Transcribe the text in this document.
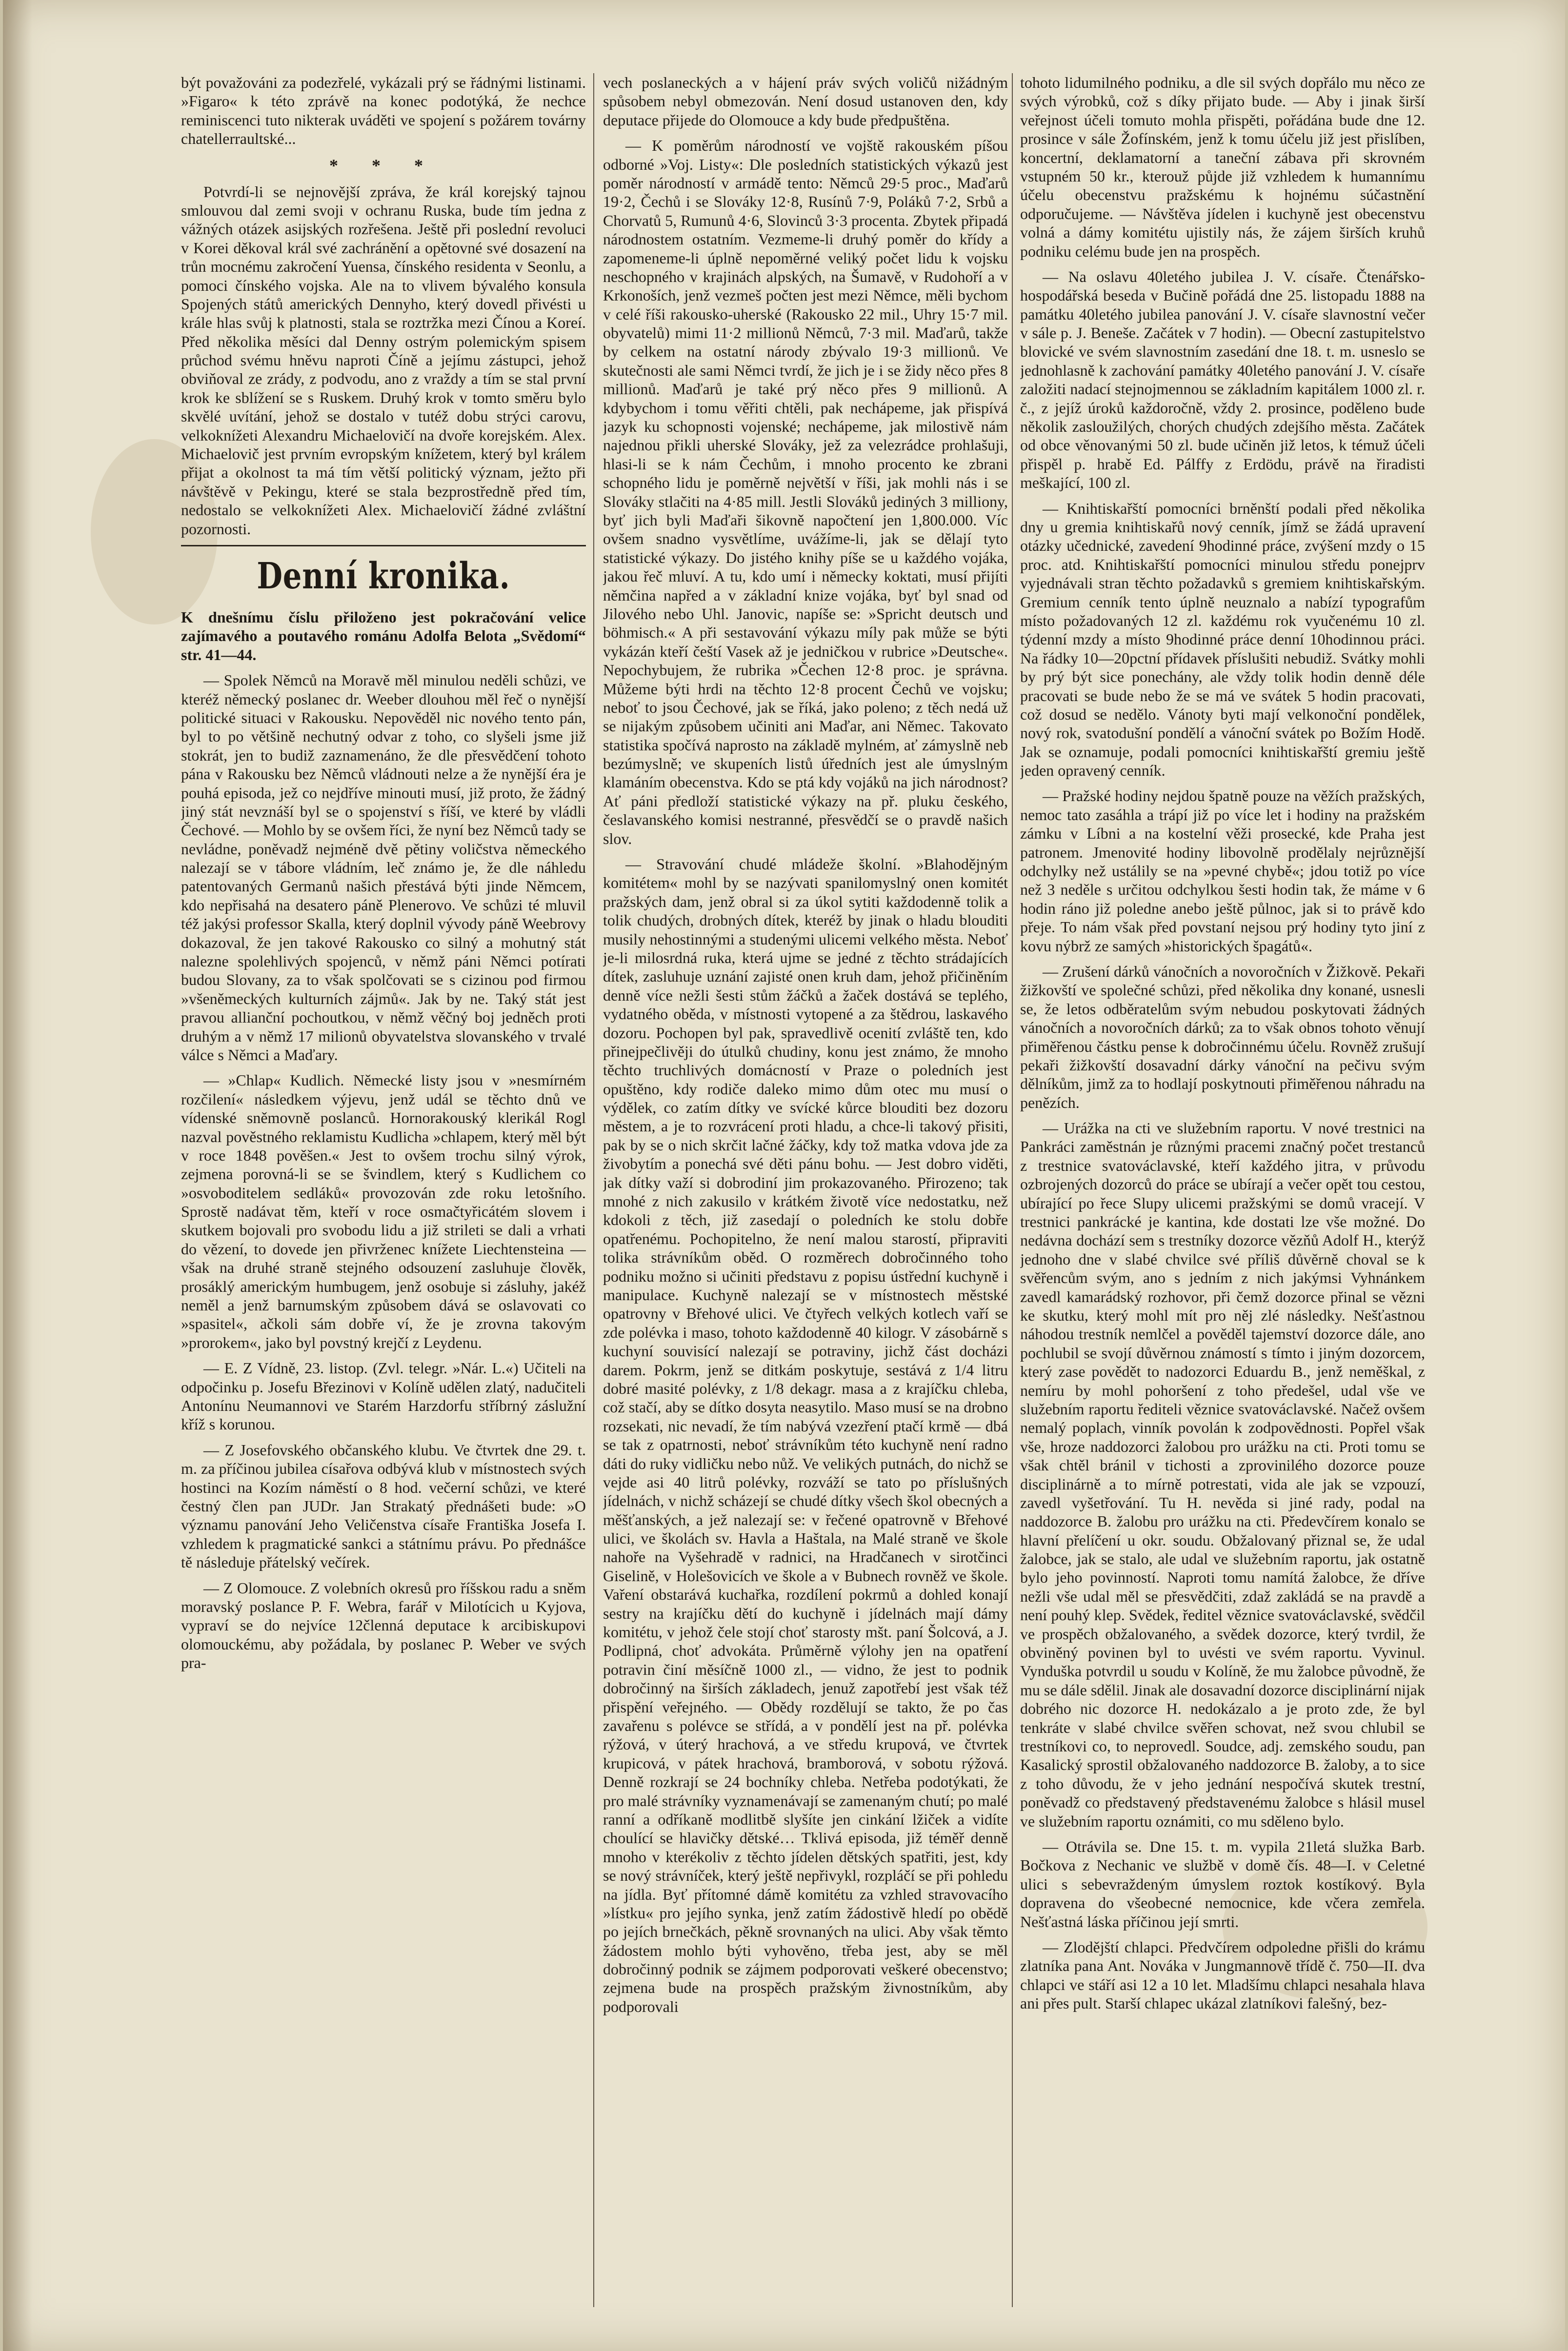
být považováni za podezřelé, vykázali prý se řádnými listinami. »Figaro« k této zprávě na konec podotýká, že nechce reminiscenci tuto nikterak uváděti ve spojení s požárem továrny chatellerraultské...

* * *

Potvrdí-li se nejnovější zpráva, že král korejský tajnou smlouvou dal zemi svoji v ochranu Ruska, bude tím jedna z vážných otázek asijských rozřešena. Ještě při poslední revoluci v Korei děkoval král své zachránění a opětovné své dosazení na trůn mocnému zakročení Yuensa, čínského residenta v Seonlu, a pomoci čínského vojska. Ale na to vlivem bývalého konsula Spojených států amerických Dennyho, který dovedl přivésti u krále hlas svůj k platnosti, stala se roztržka mezi Čínou a Koreí. Před několika měsíci dal Denny ostrým polemickým spisem průchod svému hněvu naproti Číně a jejímu zástupci, jehož obviňoval ze zrády, z podvodu, ano z vraždy a tím se stal první krok ke sblížení se s Ruskem. Druhý krok v tomto směru bylo skvělé uvítání, jehož se dostalo v tutéž dobu strýci carovu, velkoknížeti Alexandru Michaelovičí na dvoře korejském. Alex. Michaelovič jest prvním evropským knížetem, který byl králem přijat a okolnost ta má tím větší politický význam, ježto při návštěvě v Pekingu, které se stala bezprostředně před tím, nedostalo se velkoknížeti Alex. Michaelovičí žádné zvláštní pozornosti.

Denní kronika.

K dnešnímu číslu přiloženo jest pokračování velice zajímavého a poutavého románu Adolfa Belota „Svědomí“ str. 41—44.

— Spolek Němců na Moravě měl minulou neděli schůzi, ve kteréž německý poslanec dr. Weeber dlouhou měl řeč o nynější politické situaci v Rakousku. Nepověděl nic nového tento pán, byl to po většině nechutný odvar z toho, co slyšeli jsme již stokrát, jen to budiž zaznamenáno, že dle přesvědčení tohoto pána v Rakousku bez Němců vládnouti nelze a že nynější éra je pouhá episoda, jež co nejdříve minouti musí, již proto, že žádný jiný stát nevznáší byl se o spojenství s říší, ve které by vládli Čechové. — Mohlo by se ovšem říci, že nyní bez Němců tady se nevládne, poněvadž nejméně dvě pětiny voličstva německého nalezají se v tábore vládním, leč známo je, že dle náhledu patentovaných Germanů našich přestává býti jinde Němcem, kdo nepřisahá na desatero páně Plenerovo. Ve schůzi té mluvil též jakýsi professor Skalla, který doplnil vývody páně Weebrovy dokazoval, že jen takové Rakousko co silný a mohutný stát nalezne spolehlivých spojenců, v němž páni Němci potírati budou Slovany, za to však spolčovati se s cizinou pod firmou »všeněmeckých kulturních zájmů«. Jak by ne. Taký stát jest pravou allianční pochoutkou, v němž věčný boj jedněch proti druhým a v němž 17 milionů obyvatelstva slovanského v trvalé válce s Němci a Maďary.

— »Chlap« Kudlich. Německé listy jsou v »nesmírném rozčilení« následkem výjevu, jenž udál se těchto dnů ve vídenské sněmovně poslanců. Hornorakouský klerikál Rogl nazval pověstného reklamistu Kudlicha »chlapem, který měl být v roce 1848 pověšen.« Jest to ovšem trochu silný výrok, zejmena porovná-li se se švindlem, který s Kudlichem co »osvoboditelem sedláků« provozován zde roku letošního. Sprostě nadávat těm, kteří v roce osmačtyřicátém slovem i skutkem bojovali pro svobodu lidu a již strileti se dali a vrhati do vězení, to dovede jen přivrženec knížete Liechtensteina — však na druhé straně stejného odsouzení zasluhuje člověk, prosáklý americkým humbugem, jenž osobuje si zásluhy, jakéž neměl a jenž barnumským způsobem dává se oslavovati co »spasitel«, ačkoli sám dobře ví, že je zrovna takovým »prorokem«, jako byl povstný krejčí z Leydenu.

— E. Z Vídně, 23. listop. (Zvl. telegr. »Nár. L.«) Učiteli na odpočinku p. Josefu Březinovi v Kolíně udělen zlatý, nadučiteli Antonínu Neumannovi ve Starém Harzdorfu stříbrný záslužní kříž s korunou.

— Z Josefovského občanského klubu. Ve čtvrtek dne 29. t. m. za příčinou jubilea císařova odbývá klub v místnostech svých hostinci na Kozím náměstí o 8 hod. večerní schůzi, ve které čestný člen pan JUDr. Jan Strakatý přednášeti bude: »O významu panování Jeho Veličenstva císaře Františka Josefa I. vzhledem k pragmatické sankci a státnímu právu. Po přednášce tě následuje přátelský večírek.

— Z Olomouce. Z volebních okresů pro říšskou radu a sněm moravský poslance P. F. Webra, farář v Milotícich u Kyjova, vypraví se do nejvíce 12členná deputace k arcibiskupovi olomouckému, aby požádala, by poslanec P. Weber ve svých pra-

vech poslaneckých a v hájení práv svých voličů nižádným spůsobem nebyl obmezován. Není dosud ustanoven den, kdy deputace přijede do Olomouce a kdy bude předpuštěna.

— K poměrům národností ve vojště rakouském píšou odborné »Voj. Listy«: Dle posledních statistických výkazů jest poměr národností v armádě tento: Němců 29·5 proc., Maďarů 19·2, Čechů i se Slováky 12·8, Rusínů 7·9, Poláků 7·2, Srbů a Chorvatů 5, Rumunů 4·6, Slovinců 3·3 procenta. Zbytek připadá národnostem ostatním. Vezmeme-li druhý poměr do křídy a zapomeneme-li úplně nepoměrné veliký počet lidu k vojsku neschopného v krajinách alpských, na Šumavě, v Rudohoří a v Krkonoších, jenž vezmeš počten jest mezi Němce, měli bychom v celé říši rakousko-uherské (Rakousko 22 mil., Uhry 15·7 mil. obyvatelů) mimi 11·2 millionů Němců, 7·3 mil. Maďarů, takže by celkem na ostatní národy zbývalo 19·3 millionů. Ve skutečnosti ale sami Němci tvrdí, že jich je i se židy něco přes 8 millionů. Maďarů je také prý něco přes 9 millionů. A kdybychom i tomu věřiti chtěli, pak nechápeme, jak přispívá jazyk ku schopnosti vojenské; nechápeme, jak milostivě nám najednou přikli uherské Slováky, jež za velezrádce prohlašuji, hlasi-li se k nám Čechům, i mnoho procento ke zbrani schopného lidu je poměrně největší v říši, jak mohli nás i se Slováky stlačiti na 4·85 mill. Jestli Slováků jediných 3 milliony, byť jich byli Maďaři šikovně napočtení jen 1,800.000. Víc ovšem snadno vysvětlíme, uvážíme-li, jak se dělají tyto statistické výkazy. Do jistého knihy píše se u každého vojáka, jakou řeč mluví. A tu, kdo umí i německy koktati, musí přijíti němčina napřed a v základní knize vojáka, byť byl snad od Jilového nebo Uhl. Janovic, napíše se: »Spricht deutsch und böhmisch.« A při sestavování výkazu míly pak může se býti vykázán kteří čeští Vasek až je jedničkou v rubrice »Deutsche«. Nepochybujem, že rubrika »Čechen 12·8 proc. je správna. Můžeme býti hrdi na těchto 12·8 procent Čechů ve vojsku; neboť to jsou Čechové, jak se říká, jako poleno; z těch nedá už se nijakým způsobem učiniti ani Maďar, ani Němec. Takovato statistika spočívá naprosto na základě mylném, ať zámyslně neb bezúmyslně; ve skupeních listů úředních jest ale úmyslným klamáním obecenstva. Kdo se ptá kdy vojáků na jich národnost? Ať páni předloží statistické výkazy na př. pluku českého, česlavanského komisi nestranné, přesvědčí se o pravdě našich slov.

— Stravování chudé mládeže školní. »Blahodějným komitétem« mohl by se nazývati spanilomyslný onen komitét pražských dam, jenž obral si za úkol sytiti každodenně tolik a tolik chudých, drobných dítek, kteréž by jinak o hladu blouditi musily nehostinnými a studenými ulicemi velkého města. Neboť je-li milosrdná ruka, která ujme se jedné z těchto strádajících dítek, zasluhuje uznání zajisté onen kruh dam, jehož přičiněním denně více nežli šesti stům žáčků a žaček dostává se teplého, vydatného oběda, v místnosti vytopené a za štědrou, laskavého dozoru. Pochopen byl pak, spravedlivě ocenití zvláště ten, kdo přinejpečlivěji do útulků chudiny, konu jest známo, že mnoho těchto truchlivých domácností v Praze o poledních jest opuštěno, kdy rodiče daleko mimo dům otec mu musí o výdělek, co zatím dítky ve svícké kůrce blouditi bez dozoru městem, a je to rozvrácení proti hladu, a chce-li takový přisiti, pak by se o nich skrčit lačné žáčky, kdy tož matka vdova jde za živobytím a ponechá své děti pánu bohu. — Jest dobro viděti, jak dítky važí si dobrodiní jim prokazovaného. Přirozeno; tak mnohé z nich zakusilo v krátkém životě více nedostatku, než kdokoli z těch, již zasedají o poledních ke stolu dobře opatřenému. Pochopitelno, že není malou starostí, připraviti tolika strávníkům oběd. O rozměrech dobročinného toho podniku možno si učiniti představu z popisu ústřední kuchyně i manipulace. Kuchyně nalezají se v místnostech městské opatrovny v Břehové ulici. Ve čtyřech velkých kotlech vaří se zde polévka i maso, tohoto každodenně 40 kilogr. V zásobárně s kuchyní souvisící nalezají se potraviny, jichž část docházi darem. Pokrm, jenž se ditkám poskytuje, sestává z 1/4 litru dobré masité polévky, z 1/8 dekagr. masa a z krajíčku chleba, což stačí, aby se dítko dosyta neasytilo. Maso musí se na drobno rozsekati, nic nevadí, že tím nabývá vzezření ptačí krmě — dbá se tak z opatrnosti, neboť strávníkům této kuchyně není radno dáti do ruky vidličku nebo nůž. Ve velikých putnách, do nichž se vejde asi 40 litrů polévky, rozváží se tato po příslušných jídelnách, v nichž scházejí se chudé dítky všech škol obecných a měšťanských, a jež nalezají se: v řečené opatrovně v Břehové ulici, ve školách sv. Havla a Haštala, na Malé straně ve škole nahoře na Vyšehradě v radnici, na Hradčanech v sirotčinci Giselině, v Holešovicích ve škole a v Bubnech rovněž ve škole. Vaření obstarává kuchařka, rozdílení pokrmů a dohled konají sestry na krajíčku dětí do kuchyně i jídelnách mají dámy komitétu, v jehož čele stojí choť starosty mšt. paní Šolcová, a J. Podlipná, choť advokáta. Průměrně výlohy jen na opatření potravin činí měsíčně 1000 zl., — vidno, že jest to podnik dobročinný na širších základech, jenuž zapotřebí jest však též přispění veřejného. — Obědy rozdělují se takto, že po čas zavařenu s polévce se střídá, a v pondělí jest na př. polévka rýžová, v úterý hrachová, a ve středu krupová, ve čtvrtek krupicová, v pátek hrachová, bramborová, v sobotu rýžová. Denně rozkrají se 24 bochníky chleba. Netřeba podotýkati, že pro malé strávníky vyznamenávají se zamenaným chutí; po malé ranní a odříkaně modlitbě slyšíte jen cinkání lžiček a vidíte choulící se hlavičky dětské… Tklivá episoda, již téměř denně mnoho v kterékoliv z těchto jídelen dětských spatřiti, jest, kdy se nový strávníček, který ještě nepřivykl, rozpláčí se při pohledu na jídla. Byť přítomné dámě komitétu za vzhled stravovacího »lístku« pro jejího synka, jenž zatím žádostivě hledí po obědě po jejích brnečkách, pěkně srovnaných na ulici. Aby však těmto žádostem mohlo býti vyhověno, třeba jest, aby se měl dobročinný podnik se zájmem podporovati veškeré obecenstvo; zejmena bude na prospěch pražským živnostníkům, aby podporovali

tohoto lidumilného podniku, a dle sil svých dopřálo mu něco ze svých výrobků, což s díky přijato bude. — Aby i jinak širší veřejnost účeli tomuto mohla přispěti, pořádána bude dne 12. prosince v sále Žofínském, jenž k tomu účelu již jest přislíben, koncertní, deklamatorní a taneční zábava při skrovném vstupném 50 kr., kterouž půjde již vzhledem k humannímu účelu obecenstvu pražskému k hojnému súčastnění odporučujeme. — Návštěva jídelen i kuchyně jest obecenstvu volná a dámy komitétu ujistily nás, že zájem širších kruhů podniku celému bude jen na prospěch.

— Na oslavu 40letého jubilea J. V. císaře. Čtenářsko-hospodářská beseda v Bučině pořádá dne 25. listopadu 1888 na památku 40letého jubilea panování J. V. císaře slavnostní večer v sále p. J. Beneše. Začátek v 7 hodin). — Obecní zastupitelstvo blovické ve svém slavnostním zasedání dne 18. t. m. usneslo se jednohlasně k zachování památky 40letého panování J. V. císaře založiti nadací stejnojmennou se základním kapitálem 1000 zl. r. č., z jejíž úroků každoročně, vždy 2. prosince, poděleno bude několik zasloužilých, chorých chudých zdejšího města. Začátek od obce věnovanými 50 zl. bude učiněn již letos, k témuž účeli přispěl p. hrabě Ed. Pálffy z Erdödu, právě na řiradisti meškající, 100 zl.

— Knihtiskařští pomocníci brněnští podali před několika dny u gremia knihtiskařů nový cenník, jímž se žádá upravení otázky učednické, zavedení 9hodinné práce, zvýšení mzdy o 15 proc. atd. Knihtiskařští pomocníci minulou středu ponejprv vyjednávali stran těchto požadavků s gremiem knihtiskařským. Gremium cenník tento úplně neuznalo a nabízí typografům místo požadovaných 12 zl. každému rok vyučenému 10 zl. týdenní mzdy a místo 9hodinné práce denní 10hodinnou práci. Na řádky 10—20pctní přídavek příslušiti nebudiž. Svátky mohli by prý být sice ponechány, ale vždy tolik hodin denně déle pracovati se bude nebo že se má ve svátek 5 hodin pracovati, což dosud se nedělo. Vánoty byti mají velkonoční pondělek, nový rok, svatodušní pondělí a vánoční svátek po Božím Hodě. Jak se oznamuje, podali pomocníci knihtiskařští gremiu ještě jeden opravený cenník.

— Pražské hodiny nejdou špatně pouze na věžích pražských, nemoc tato zasáhla a trápí již po více let i hodiny na pražském zámku v Líbni a na kostelní věži prosecké, kde Praha jest patronem. Jmenovité hodiny libovolně prodělaly nejrůznější odchylky než ustálily se na »pevné chybě«; jdou totiž po více než 3 neděle s určitou odchylkou šesti hodin tak, že máme v 6 hodin ráno již poledne anebo ještě půlnoc, jak si to právě kdo přeje. To nám však před povstaní nejsou prý hodiny tyto jiní z kovu nýbrž ze samých »historických špagátů«.

— Zrušení dárků vánočních a novoročních v Žižkově. Pekaři žižkovští ve společné schůzi, před několika dny konané, usnesli se, že letos odběratelům svým nebudou poskytovati žádných vánočních a novoročních dárků; za to však obnos tohoto věnují přiměřenou částku pense k dobročinnému účelu. Rovněž zrušují pekaři žižkovští dosavadní dárky vánoční na pečivu svým dělníkům, jimž za to hodlají poskytnouti přiměřenou náhradu na penězích.

— Urážka na cti ve služebním raportu. V nové trestnici na Pankráci zaměstnán je různými pracemi značný počet trestanců z trestnice svatováclavské, kteří každého jitra, v průvodu ozbrojených dozorců do práce se ubírají a večer opět tou cestou, ubírající po řece Slupy ulicemi pražskými se domů vracejí. V trestnici pankrácké je kantina, kde dostati lze vše možné. Do nedávna dochází sem s trestníky dozorce vězňů Adolf H., kterýž jednoho dne v slabé chvilce své příliš důvěrně choval se k svěřencům svým, ano s jedním z nich jakýmsi Vyhnánkem zavedl kamarádský rozhovor, při čemž dozorce přinal se vězni ke skutku, který mohl mít pro něj zlé následky. Nešťastnou náhodou trestník nemlčel a pověděl tajemství dozorce dále, ano pochlubil se svojí důvěrnou známostí s tímto i jiným dozorcem, který zase povědět to nadozorci Eduardu B., jenž neměškal, z nemíru by mohl pohoršení z toho předešel, udal vše ve služebním raportu řediteli věznice svatováclavské. Načež ovšem nemalý poplach, vinník povolán k zodpovědnosti. Popřel však vše, hroze naddozorci žalobou pro urážku na cti. Proti tomu se však chtěl bránil v tichosti a zprovinilého dozorce pouze disciplinárně a to mírně potrestati, vida ale jak se vzpouzí, zavedl vyšetřování. Tu H. nevěda si jiné rady, podal na naddozorce B. žalobu pro urážku na cti. Předevčírem konalo se hlavní přelíčení u okr. soudu. Obžalovaný přiznal se, že udal žalobce, jak se stalo, ale udal ve služebním raportu, jak ostatně bylo jeho povinností. Naproti tomu namítá žalobce, že dříve nežli vše udal měl se přesvědčiti, zdaž zakládá se na pravdě a není pouhý klep. Svědek, ředitel věznice svatováclavské, svědčil ve prospěch obžalovaného, a svědek dozorce, který tvrdil, že obviněný povinen byl to uvésti ve svém raportu. Vyvinul. Vynduška potvrdil u soudu v Kolíně, že mu žalobce původně, že mu se dále sdělil. Jinak ale dosavadní dozorce disciplinární nijak dobrého nic dozorce H. nedokázalo a je proto zde, že byl tenkráte v slabé chvilce svěřen schovat, než svou chlubil se trestníkovi co, to neprovedl. Soudce, adj. zemského soudu, pan Kasalický sprostil obžalovaného naddozorce B. žaloby, a to sice z toho důvodu, že v jeho jednání nespočívá skutek trestní, poněvadž co představený představenému žalobce s hlásil musel ve služebním raportu oznámiti, co mu sděleno bylo.

— Otrávila se. Dne 15. t. m. vypila 21letá služka Barb. Bočkova z Nechanic ve službě v domě čís. 48—I. v Celetné ulici s sebevraždeným úmyslem roztok kostíkový. Byla dopravena do všeobecné nemocnice, kde včera zemřela. Nešťastná láska příčinou její smrti.

— Zlodějští chlapci. Předvčírem odpoledne přišli do krámu zlatníka pana Ant. Nováka v Jungmannově třídě č. 750—II. dva chlapci ve stáří asi 12 a 10 let. Mladšímu chlapci nesahala hlava ani přes pult. Starší chlapec ukázal zlatníkovi falešný, bez-
